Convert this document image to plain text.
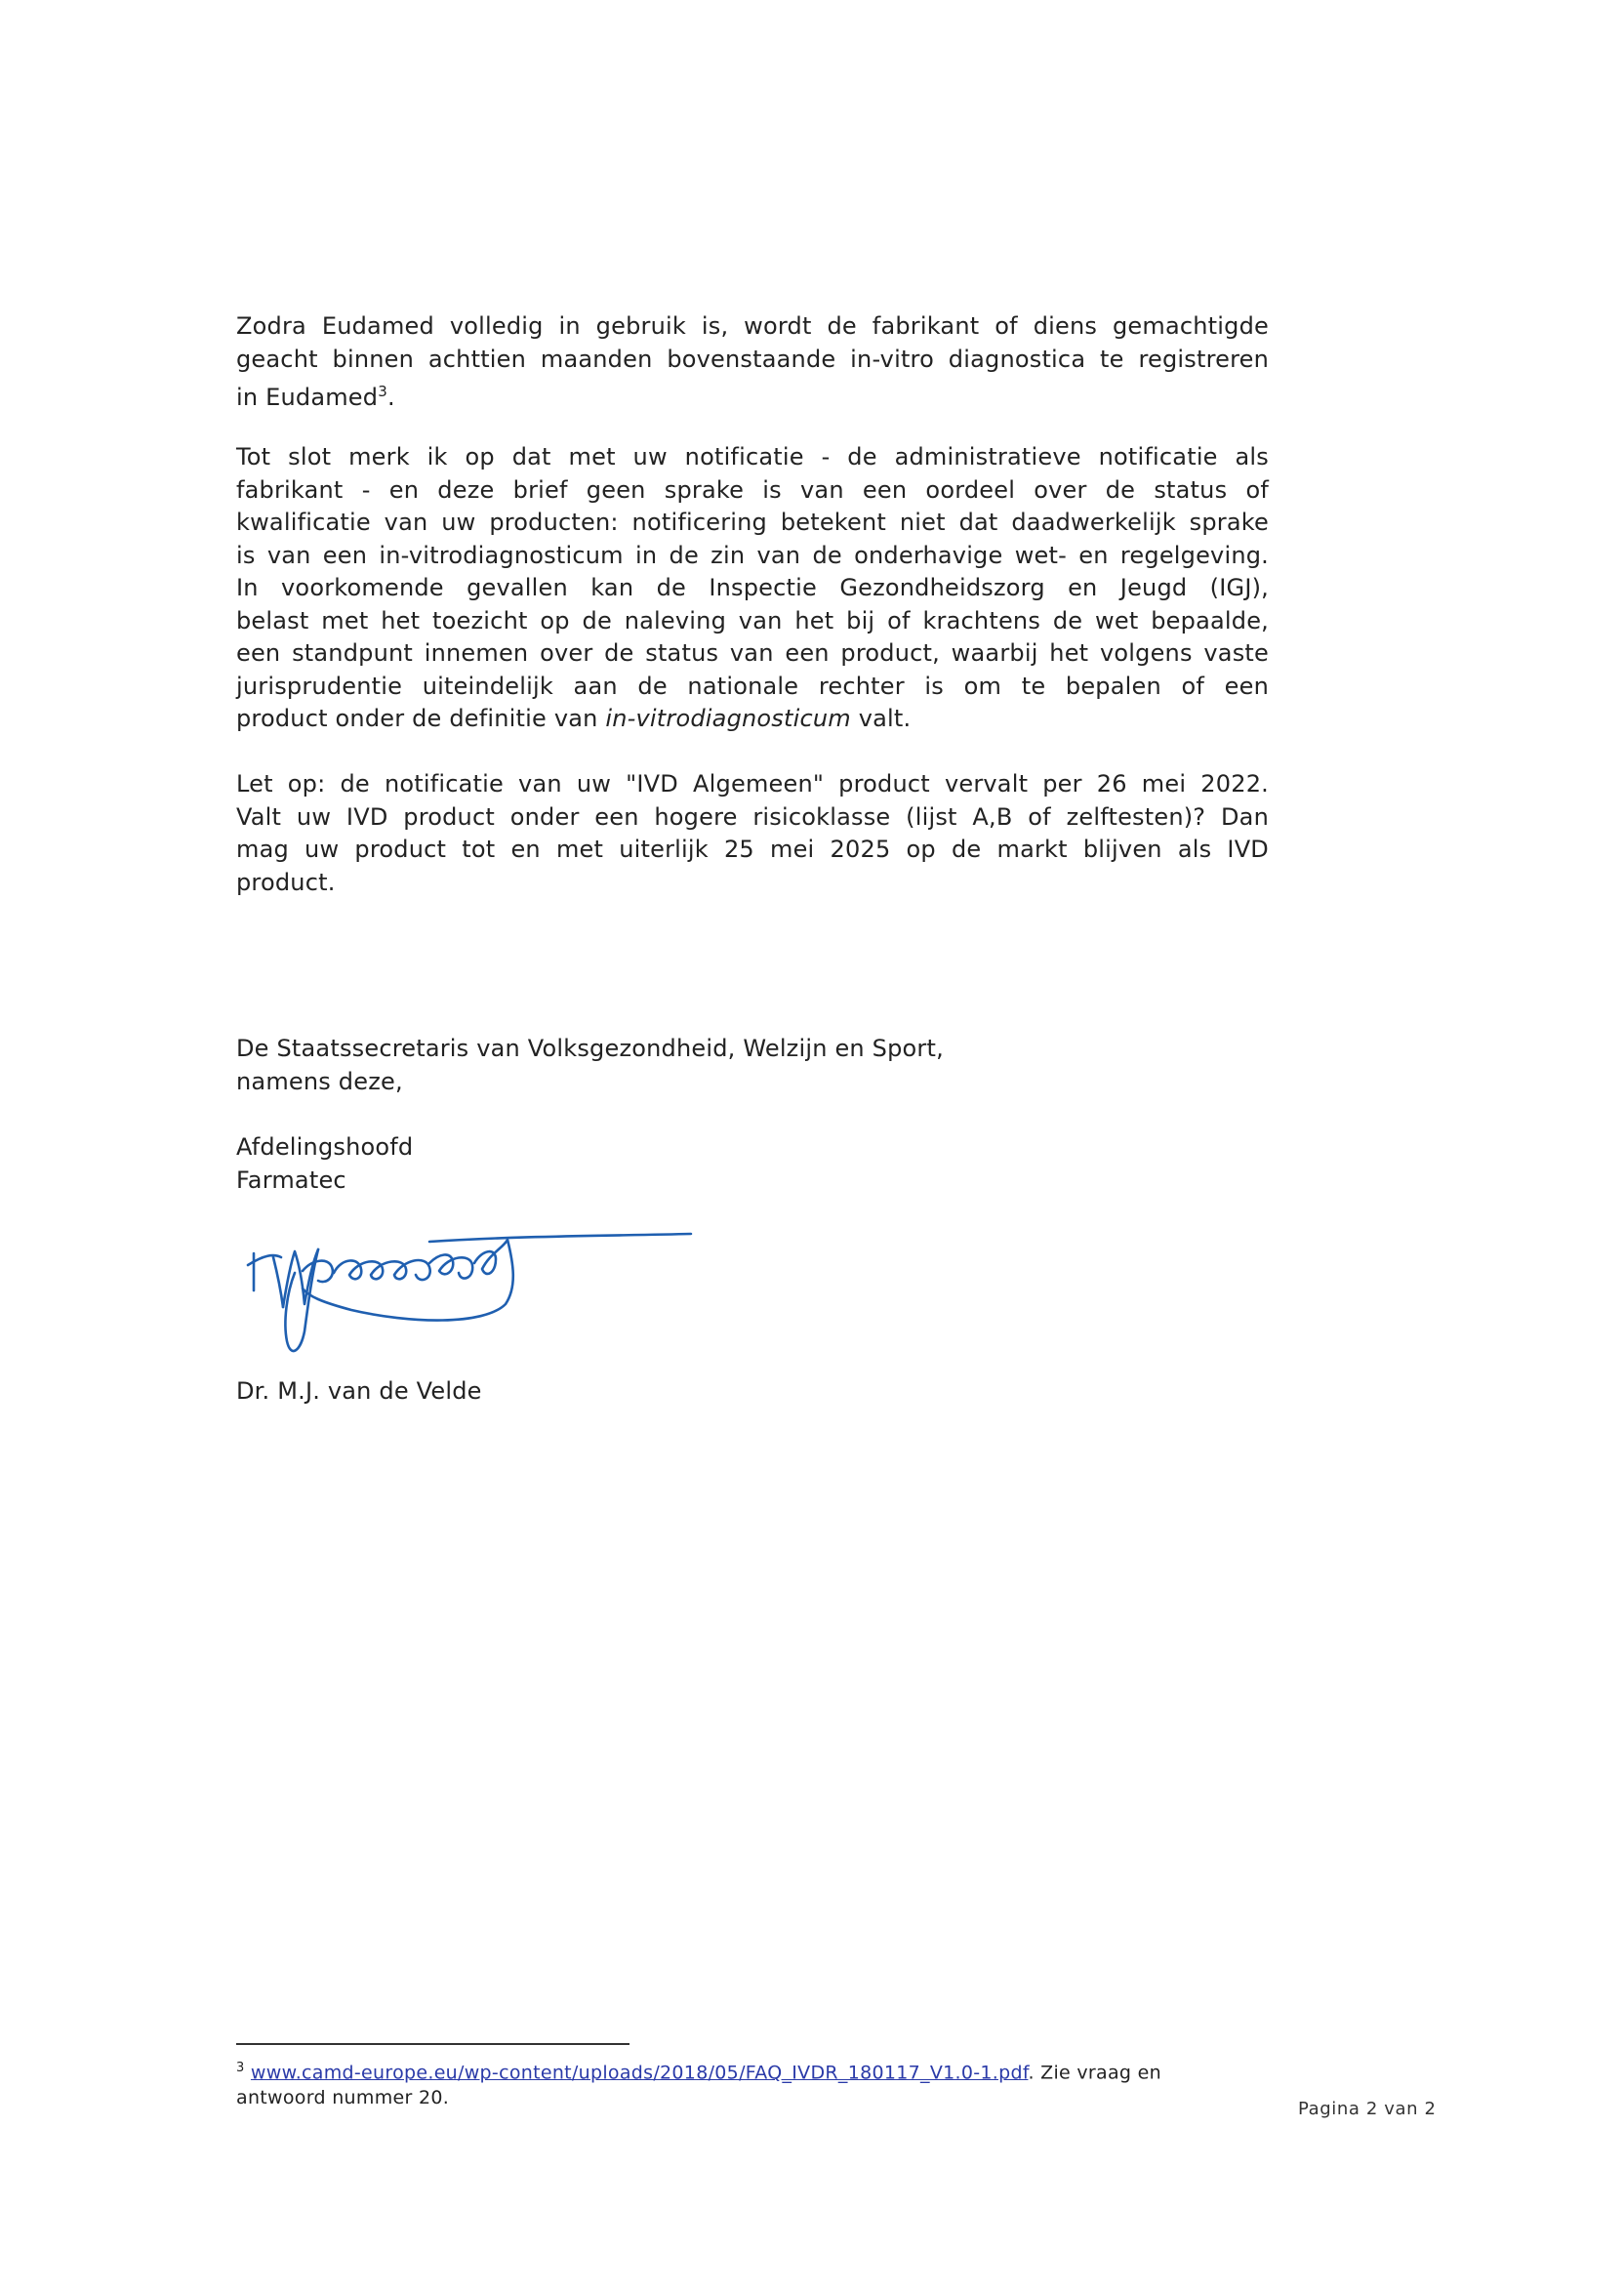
Zodra Eudamed volledig in gebruik is, wordt de fabrikant of diens gemachtigde
geacht binnen achttien maanden bovenstaande in-vitro diagnostica te registreren
in Eudamed$^3$.
Tot slot merk ik op dat met uw notificatie - de administratieve notificatie als
fabrikant - en deze brief geen sprake is van een oordeel over de status of
kwalificatie van uw producten: notificering betekent niet dat daadwerkelijk sprake
is van een in-vitrodiagnosticum in de zin van de onderhavige wet- en regelgeving.
In voorkomende gevallen kan de Inspectie Gezondheidszorg en Jeugd (IGJ),
belast met het toezicht op de naleving van het bij of krachtens de wet bepaalde,
een standpunt innemen over de status van een product, waarbij het volgens vaste
jurisprudentie uiteindelijk aan de nationale rechter is om te bepalen of een
product onder de definitie van in-vitrodiagnosticum valt.
Let op: de notificatie van uw "IVD Algemeen" product vervalt per 26 mei 2022.
Valt uw IVD product onder een hogere risicoklasse (lijst A,B of zelftesten)? Dan
mag uw product tot en met uiterlijk 25 mei 2025 op de markt blijven als IVD
product.
De Staatssecretaris van Volksgezondheid, Welzijn en Sport,
namens deze,
Afdelingshoofd
Farmatec
Dr. M.J. van de Velde
$^3$ www.camd-europe.eu/wp-content/uploads/2018/05/FAQ_IVDR_180117_V1.0-1.pdf. Zie vraag en antwoord nummer 20.
Pagina 2 van 2
